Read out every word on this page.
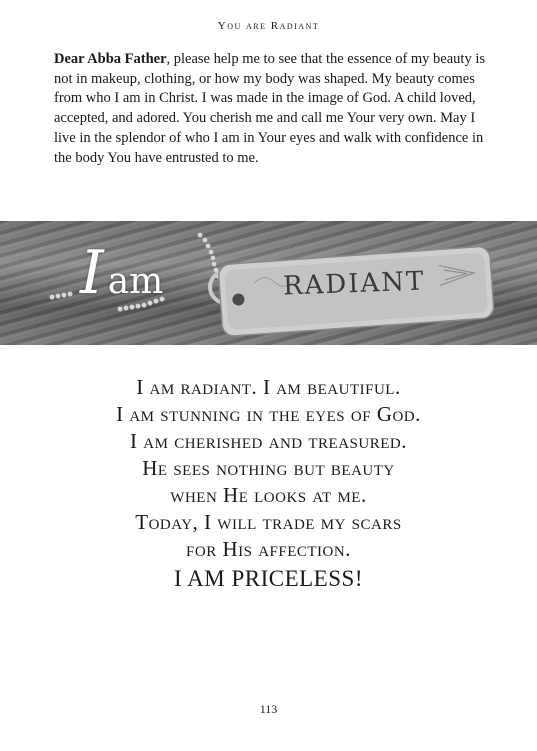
You are Radiant

Dear Abba Father, please help me to see that the essence of my beauty is not in makeup, clothing, or how my body was shaped. My beauty comes from who I am in Christ. I was made in the image of God. A child loved, accepted, and adored. You cherish me and call me Your very own. May I live in the splendor of who I am in Your eyes and walk with confidence in the body You have entrusted to me.

Iam	RADIANT
I am radiant. I am beautiful.
I am stunning in the eyes of God.
I am cherished and treasured.
He sees nothing but beauty
when He looks at me.
Today, I will trade my scars
for His affection.
I AM PRICELESS!
113
